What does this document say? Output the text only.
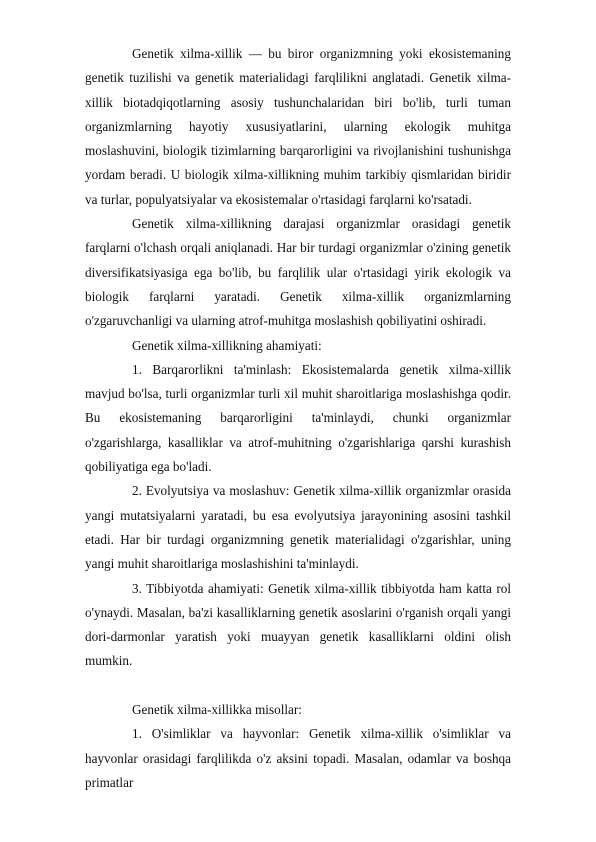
Genetik xilma-xillik — bu biror organizmning yoki ekosistemaning genetik tuzilishi va genetik materialidagi farqlilikni anglatadi. Genetik xilma-xillik biotadqiqotlarning asosiy tushunchalaridan biri bo'lib, turli tuman organizmlarning hayotiy xususiyatlarini, ularning ekologik muhitga moslashuvini, biologik tizimlarning barqarorligini va rivojlanishini tushunishga yordam beradi. U biologik xilma-xillikning muhim tarkibiy qismlaridan biridir va turlar, populyatsiyalar va ekosistemalar o'rtasidagi farqlarni ko'rsatadi.

Genetik xilma-xillikning darajasi organizmlar orasidagi genetik farqlarni o'lchash orqali aniqlanadi. Har bir turdagi organizmlar o'zining genetik diversifikatsiyasiga ega bo'lib, bu farqlilik ular o'rtasidagi yirik ekologik va biologik farqlarni yaratadi. Genetik xilma-xillik organizmlarning o'zgaruvchanligi va ularning atrof-muhitga moslashish qobiliyatini oshiradi.

Genetik xilma-xillikning ahamiyati:

1. Barqarorlikni ta'minlash: Ekosistemalarda genetik xilma-xillik mavjud bo'lsa, turli organizmlar turli xil muhit sharoitlariga moslashishga qodir. Bu ekosistemaning barqarorligini ta'minlaydi, chunki organizmlar o'zgarishlarga, kasalliklar va atrof-muhitning o'zgarishlariga qarshi kurashish qobiliyatiga ega bo'ladi.

2. Evolyutsiya va moslashuv: Genetik xilma-xillik organizmlar orasida yangi mutatsiyalarni yaratadi, bu esa evolyutsiya jarayonining asosini tashkil etadi. Har bir turdagi organizmning genetik materialidagi o'zgarishlar, uning yangi muhit sharoitlariga moslashishini ta'minlaydi.

3. Tibbiyotda ahamiyati: Genetik xilma-xillik tibbiyotda ham katta rol o'ynaydi. Masalan, ba'zi kasalliklarning genetik asoslarini o'rganish orqali yangi dori-darmonlar yaratish yoki muayyan genetik kasalliklarni oldini olish mumkin.

Genetik xilma-xillikka misollar:

1. O'simliklar va hayvonlar: Genetik xilma-xillik o'simliklar va hayvonlar orasidagi farqlilikda o'z aksini topadi. Masalan, odamlar va boshqa primatlar
